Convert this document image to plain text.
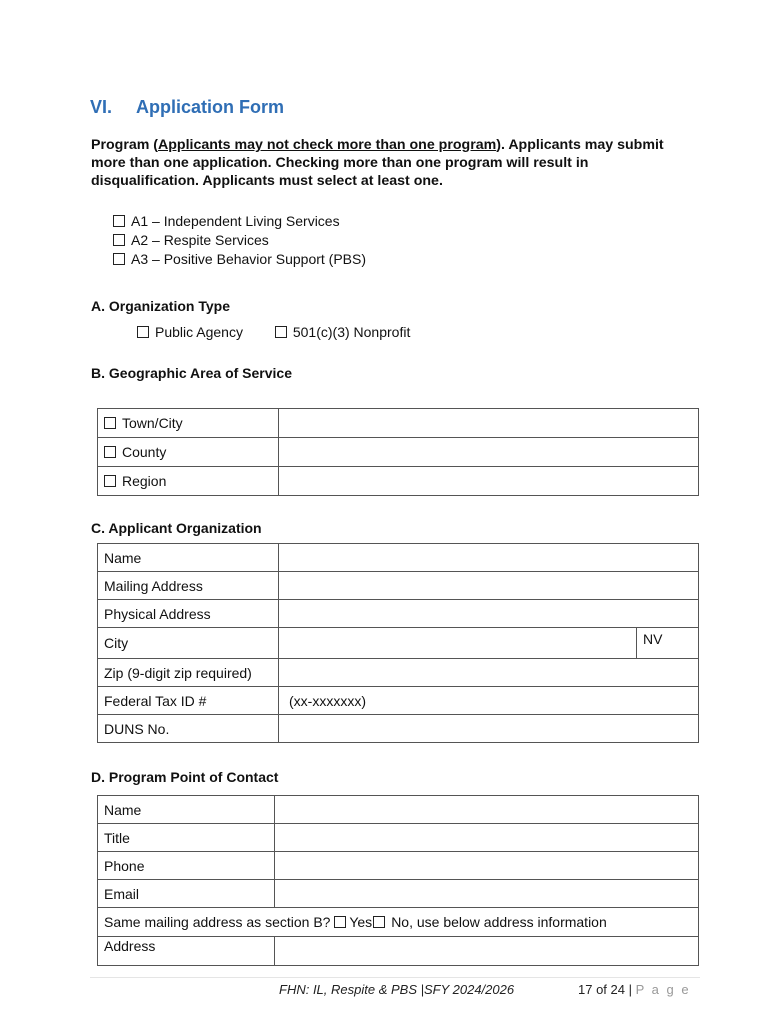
VI. Application Form
Program (Applicants may not check more than one program). Applicants may submit more than one application. Checking more than one program will result in disqualification. Applicants must select at least one.
A1 – Independent Living Services
A2 – Respite Services
A3 – Positive Behavior Support (PBS)
A. Organization Type
Public Agency	501(c)(3) Nonprofit
B. Geographic Area of Service
Town/City	
County	
Region	
C. Applicant Organization
Name		
Mailing Address		
Physical Address		
City		NV
Zip (9-digit zip required)		
Federal Tax ID #	(xx-xxxxxxx)	
DUNS No.		
D. Program Point of Contact
Name	
Title	
Phone	
Email	
Same mailing address as section B? Yes No, use below address information	
Address	
FHN: IL, Respite & PBS |SFY 2024/2026	17 of 24 | P a g e
